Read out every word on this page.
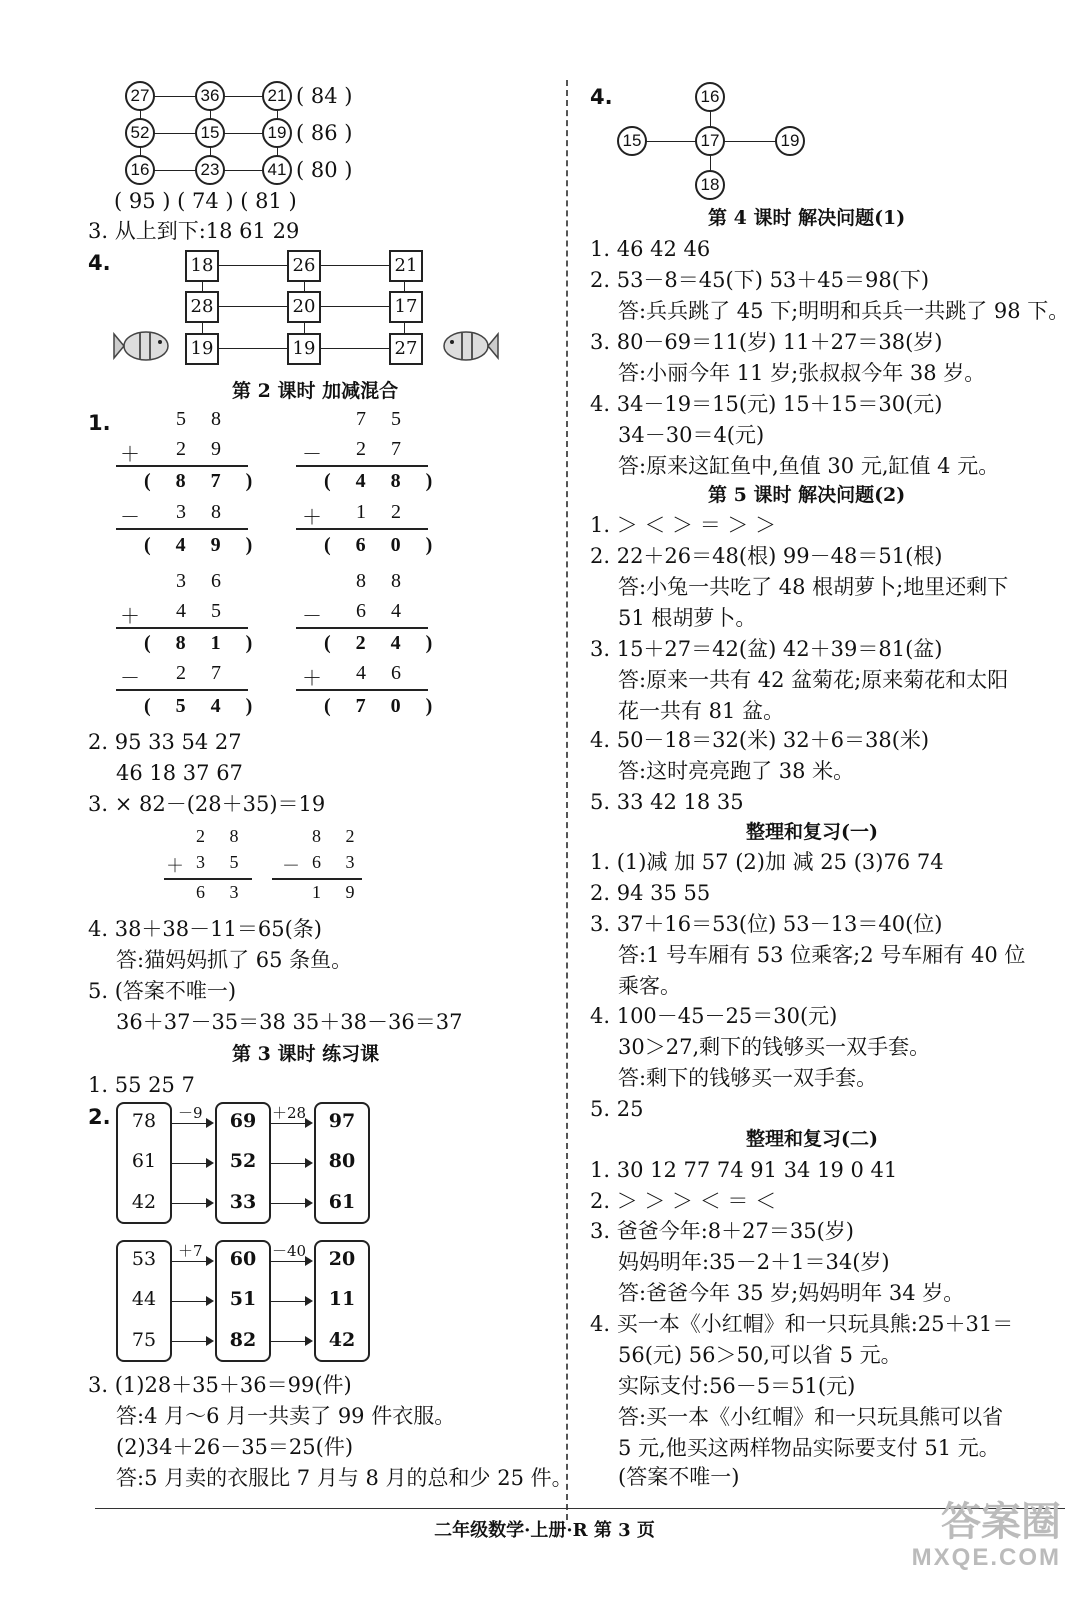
27	36	21
52	15	19
16	23	41
( 84 )
( 86 )
( 80 )
( 95 ) ( 74 ) ( 81 )
3. 从上到下:18 61 29
4.	18	26	21
28	20	17
19	19	27
第 2 课时 加减混合
1.	5 8
＋ 2 9
( 8 7 )
－ 3 8
( 4 9 )
7 5
－ 2 7
( 4 8 )
＋ 1 2
( 6 0 )
3 6
＋ 4 5
( 8 1 )
－ 2 7
( 5 4 )
8 8
－ 6 4
( 2 4 )
＋ 4 6
( 7 0 )
2. 95 33 54 27
46 18 37 67
3. × 82－(28＋35)＝19
2 8
＋ 3 5
6 3
8 2
－ 6 3
1 9
4. 38＋38－11＝65(条)
答:猫妈妈抓了 65 条鱼。
5. (答案不唯一)
36＋37－35＝38 35＋38－36＝37
第 3 课时 练习课
1. 55 25 7
2.	78
61
42
69
52
33
97
80
61
－9	＋28
53
44
75
60
51
82
20
11
42
＋7	－40
3. (1)28＋35＋36＝99(件)
答:4 月～6 月一共卖了 99 件衣服。
(2)34＋26－35＝25(件)
答:5 月卖的衣服比 7 月与 8 月的总和少 25 件。
4.	16
15	17	19
18
第 4 课时 解决问题(1)
1. 46 42 46
2. 53－8＝45(下) 53＋45＝98(下)
答:兵兵跳了 45 下;明明和兵兵一共跳了 98 下。
3. 80－69＝11(岁) 11＋27＝38(岁)
答:小丽今年 11 岁;张叔叔今年 38 岁。
4. 34－19＝15(元) 15＋15＝30(元)
34－30＝4(元)
答:原来这缸鱼中,鱼值 30 元,缸值 4 元。
第 5 课时 解决问题(2)
1. ＞ ＜ ＞ ＝ ＞ ＞
2. 22＋26＝48(根) 99－48＝51(根)
答:小兔一共吃了 48 根胡萝卜;地里还剩下
51 根胡萝卜。
3. 15＋27＝42(盆) 42＋39＝81(盆)
答:原来一共有 42 盆菊花;原来菊花和太阳
花一共有 81 盆。
4. 50－18＝32(米) 32＋6＝38(米)
答:这时亮亮跑了 38 米。
5. 33 42 18 35
整理和复习(一)
1. (1)减 加 57 (2)加 减 25 (3)76 74
2. 94 35 55
3. 37＋16＝53(位) 53－13＝40(位)
答:1 号车厢有 53 位乘客;2 号车厢有 40 位
乘客。
4. 100－45－25＝30(元)
30＞27,剩下的钱够买一双手套。
答:剩下的钱够买一双手套。
5. 25
整理和复习(二)
1. 30 12 77 74 91 34 19 0 41
2. ＞ ＞ ＞ ＜ ＝ ＜
3. 爸爸今年:8＋27＝35(岁)
妈妈明年:35－2＋1＝34(岁)
答:爸爸今年 35 岁;妈妈明年 34 岁。
4. 买一本《小红帽》和一只玩具熊:25＋31＝
56(元) 56＞50,可以省 5 元。
实际支付:56－5＝51(元)
答:买一本《小红帽》和一只玩具熊可以省
5 元,他买这两样物品实际要支付 51 元。
(答案不唯一)
二年级数学·上册·R 第 3 页	答案圈
MXQE.COM
